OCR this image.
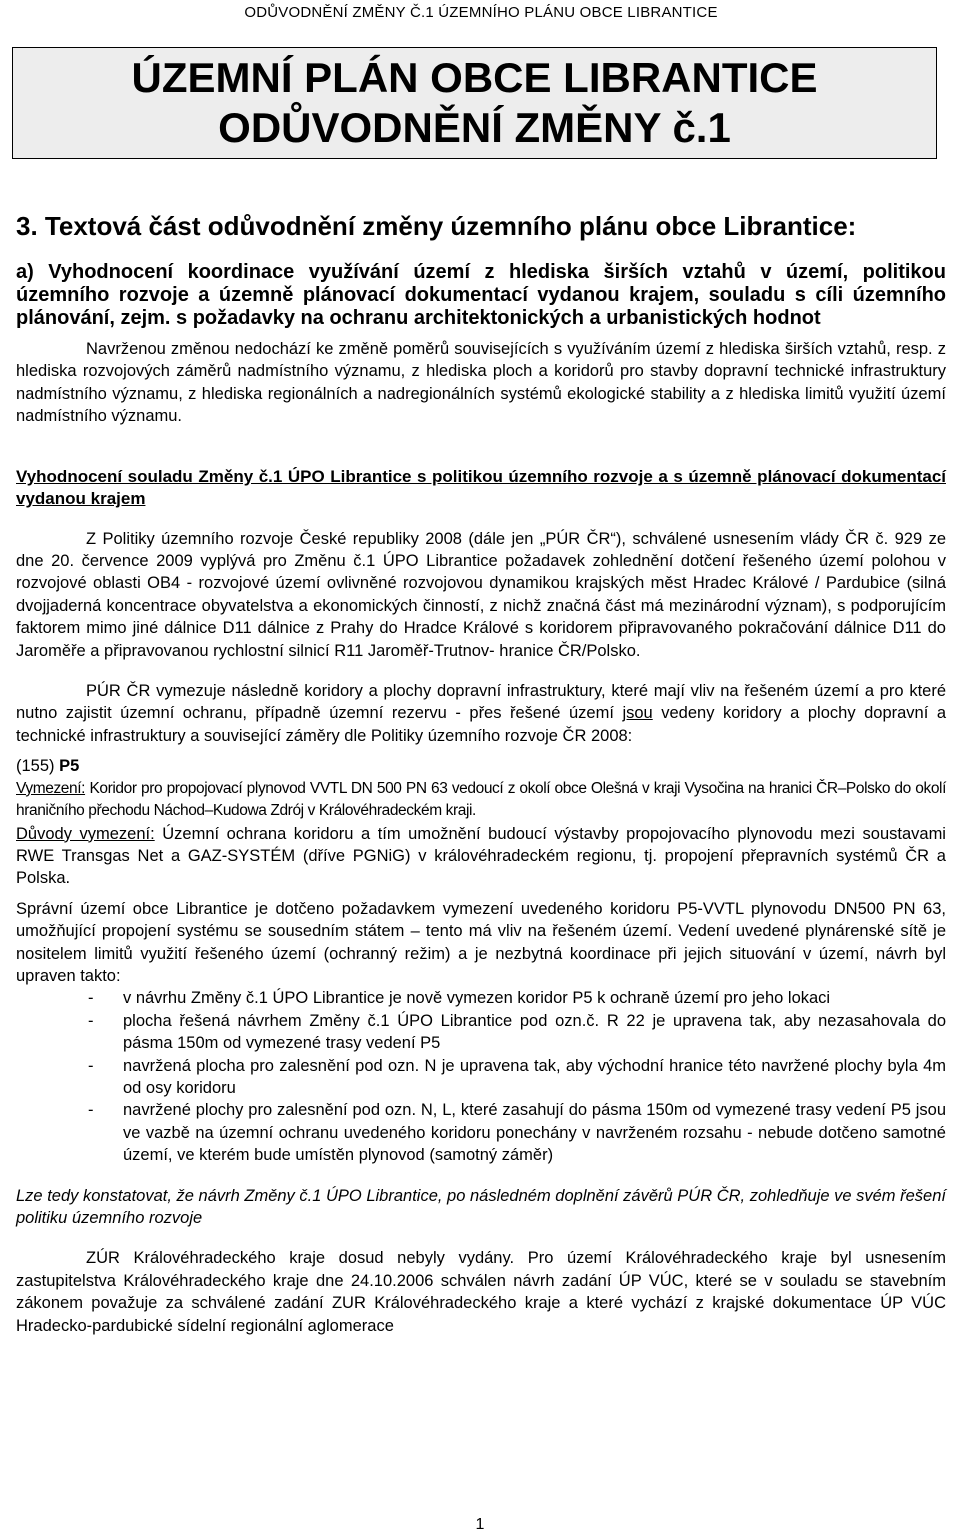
ODŮVODNĚNÍ ZMĚNY Č.1 ÚZEMNÍHO PLÁNU OBCE LIBRANTICE
ÚZEMNÍ PLÁN OBCE LIBRANTICE
ODŮVODNĚNÍ ZMĚNY č.1
3. Textová část odůvodnění změny územního plánu obce Librantice:
a) Vyhodnocení koordinace využívání území z hlediska širších vztahů v území, politikou územního rozvoje a územně plánovací dokumentací vydanou krajem, souladu s cíli územního plánování, zejm. s požadavky na ochranu architektonických a urbanistických hodnot

Navrženou změnou nedochází ke změně poměrů souvisejících s využíváním území z hlediska širších vztahů, resp. z hlediska rozvojových záměrů nadmístního významu, z hlediska ploch a koridorů pro stavby dopravní technické infrastruktury nadmístního významu, z hlediska regionálních a nadregionálních systémů ekologické stability a z hlediska limitů využití území nadmístního významu.

Vyhodnocení souladu Změny č.1 ÚPO Librantice s politikou územního rozvoje a s územně plánovací dokumentací vydanou krajem

Z Politiky územního rozvoje České republiky 2008 (dále jen „PÚR ČR“), schválené usnesením vlády ČR č. 929 ze dne 20. července 2009 vyplývá pro Změnu č.1 ÚPO Librantice požadavek zohlednění dotčení řešeného území polohou v rozvojové oblasti OB4 - rozvojové území ovlivněné rozvojovou dynamikou krajských měst Hradec Králové / Pardubice (silná dvojjaderná koncentrace obyvatelstva a ekonomických činností, z nichž značná část má mezinárodní význam), s podporujícím faktorem mimo jiné dálnice D11 dálnice z Prahy do Hradce Králové s koridorem připravovaného pokračování dálnice D11 do Jaroměře a připravovanou rychlostní silnicí R11 Jaroměř-Trutnov- hranice ČR/Polsko.

PÚR ČR vymezuje následně koridory a plochy dopravní infrastruktury, které mají vliv na řešeném území a pro které nutno zajistit územní ochranu, případně územní rezervu - přes řešené území jsou vedeny koridory a plochy dopravní a technické infrastruktury a související záměry dle Politiky územního rozvoje ČR 2008:

(155) P5

Vymezení: Koridor pro propojovací plynovod VVTL DN 500 PN 63 vedoucí z okolí obce Olešná v kraji Vysočina na hranici ČR–Polsko do okolí hraničního přechodu Náchod–Kudowa Zdrój v Královéhradeckém kraji.

Důvody vymezení: Územní ochrana koridoru a tím umožnění budoucí výstavby propojovacího plynovodu mezi soustavami RWE Transgas Net a GAZ-SYSTÉM (dříve PGNiG) v královéhradeckém regionu, tj. propojení přepravních systémů ČR a Polska.

Správní území obce Librantice je dotčeno požadavkem vymezení uvedeného koridoru P5-VVTL plynovodu DN500 PN 63, umožňující propojení systému se sousedním státem – tento má vliv na řešeném území. Vedení uvedené plynárenské sítě je nositelem limitů využití řešeného území (ochranný režim) a je nezbytná koordinace při jejich situování v území, návrh byl upraven takto:

- v návrhu Změny č.1 ÚPO Librantice je nově vymezen koridor P5 k ochraně území pro jeho lokaci
- plocha řešená návrhem Změny č.1 ÚPO Librantice pod ozn.č. R 22 je upravena tak, aby nezasahovala do pásma 150m od vymezené trasy vedení P5
- navržená plocha pro zalesnění pod ozn. N je upravena tak, aby východní hranice této navržené plochy byla 4m od osy koridoru
- navržené plochy pro zalesnění pod ozn. N, L, které zasahují do pásma 150m od vymezené trasy vedení P5 jsou ve vazbě na územní ochranu uvedeného koridoru ponechány v navrženém rozsahu - nebude dotčeno samotné území, ve kterém bude umístěn plynovod (samotný záměr)

Lze tedy konstatovat, že návrh Změny č.1 ÚPO Librantice, po následném doplnění závěrů PÚR ČR, zohledňuje ve svém řešení politiku územního rozvoje

ZÚR Královéhradeckého kraje dosud nebyly vydány. Pro území Královéhradeckého kraje byl usnesením zastupitelstva Královéhradeckého kraje dne 24.10.2006 schválen návrh zadání ÚP VÚC, které se v souladu se stavebním zákonem považuje za schválené zadání ZUR Královéhradeckého kraje a které vychází z krajské dokumentace ÚP VÚC Hradecko-pardubické sídelní regionální aglomerace

1
